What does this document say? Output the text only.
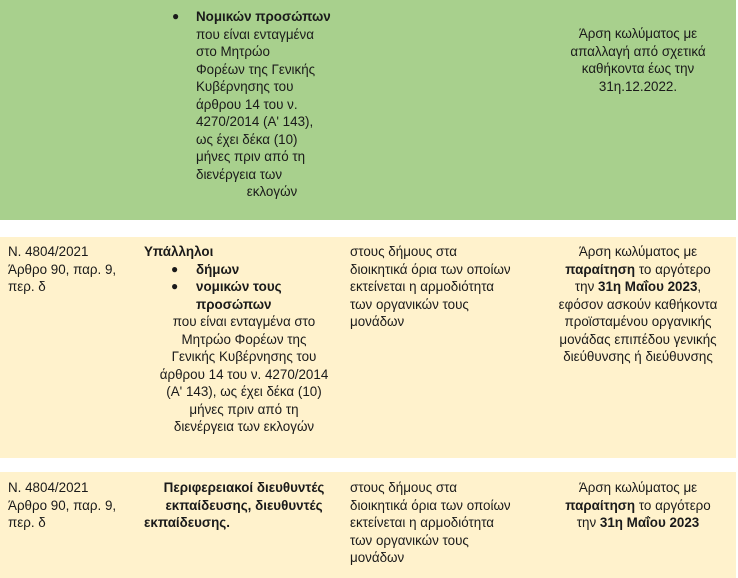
● Νομικών προσώπων
που είναι ενταγμένα
στο Μητρώο
Φορέων της Γενικής
Κυβέρνησης του
άρθρου 14 του ν.
4270/2014 (Α' 143),
ως έχει δέκα (10)
μήνες πριν από τη
διενέργεια των
εκλογών
Άρση κωλύματος με
απαλλαγή από σχετικά
καθήκοντα έως την
31η.12.2022.
Ν. 4804/2021
Άρθρο 90, παρ. 9,
περ. δ
Υπάλληλοι
● δήμων
● νομικών τους
προσώπων
που είναι ενταγμένα στο
Μητρώο Φορέων της
Γενικής Κυβέρνησης του
άρθρου 14 του ν. 4270/2014
(Α' 143), ως έχει δέκα (10)
μήνες πριν από τη
διενέργεια των εκλογών
στους δήμους στα
διοικητικά όρια των οποίων
εκτείνεται η αρμοδιότητα
των οργανικών τους
μονάδων
Άρση κωλύματος με
παραίτηση το αργότερο
την 31η Μαΐου 2023,
εφόσον ασκούν καθήκοντα
προϊσταμένου οργανικής
μονάδας επιπέδου γενικής
διεύθυνσης ή διεύθυνσης
Ν. 4804/2021
Άρθρο 90, παρ. 9,
περ. δ
Περιφερειακοί διευθυντές
εκπαίδευσης, διευθυντές
εκπαίδευσης.
στους δήμους στα
διοικητικά όρια των οποίων
εκτείνεται η αρμοδιότητα
των οργανικών τους
μονάδων
Άρση κωλύματος με
παραίτηση το αργότερο
την 31η Μαΐου 2023
